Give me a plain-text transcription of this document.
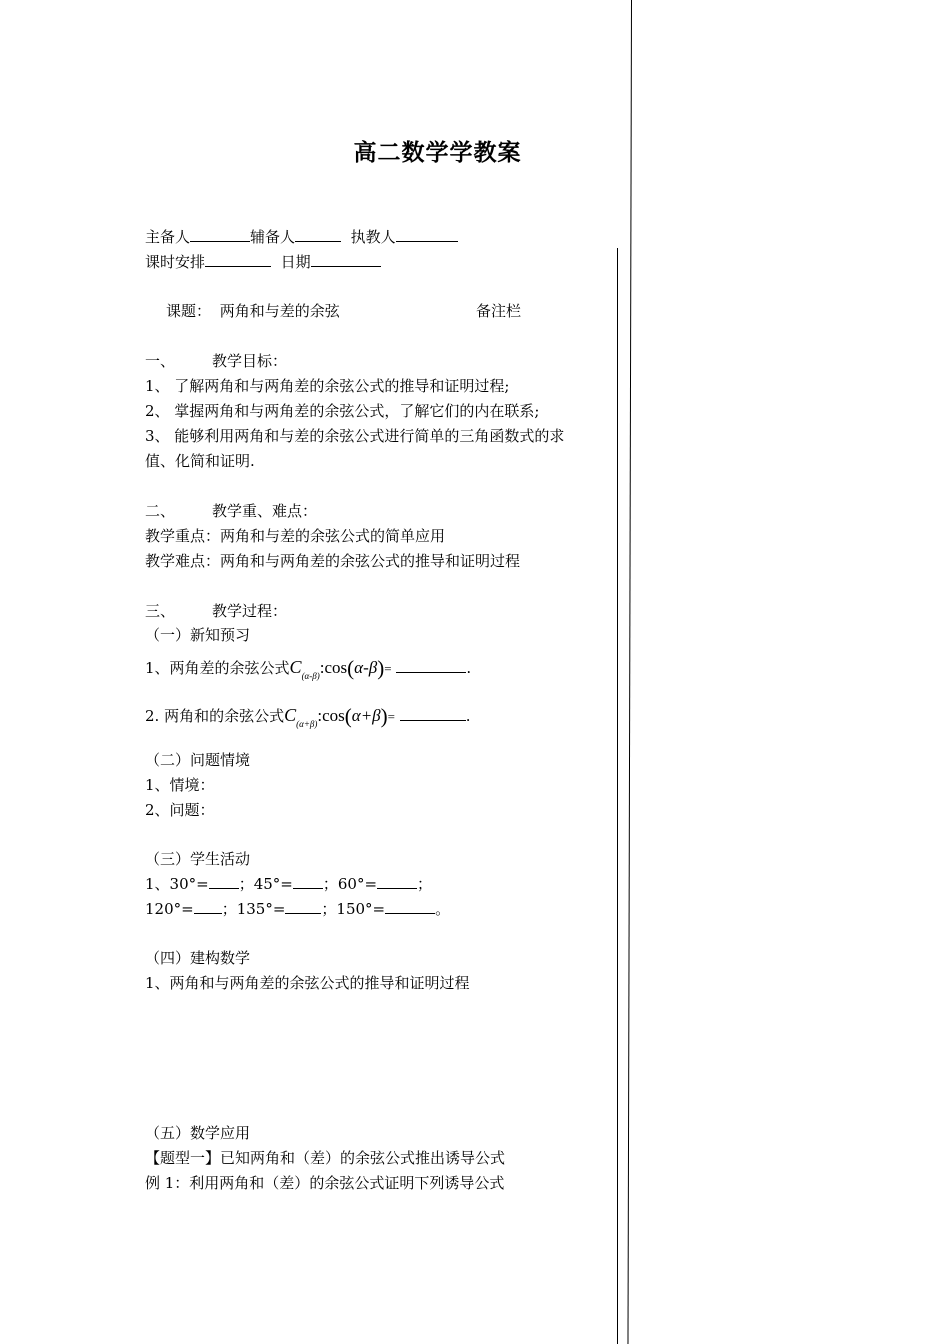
高二数学学教案
主备人	辅备人	执教人
课时安排	日期
课题： 两角和与差的余弦	备注栏
一、 教学目标：
1、 了解两角和与两角差的余弦公式的推导和证明过程;
2、 掌握两角和与两角差的余弦公式，了解它们的内在联系;
3、 能够利用两角和与差的余弦公式进行简单的三角函数式的求
值、化简和证明.
二、 教学重、难点：
教学重点：两角和与差的余弦公式的简单应用
教学难点：两角和与两角差的余弦公式的推导和证明过程
三、 教学过程：
（一）新知预习
1、两角差的余弦公式$C_{(\alpha-\beta)}:\cos(\alpha-\beta)=$	.
2. 两角和的余弦公式$C_{(\alpha+\beta)}:\cos(\alpha+\beta)=$	.
（二）问题情境
1、情境：
2、问题：
（三）学生活动
1、30°= ；45°= ；60°=	；
120°= ；135°= ；150°=	。
（四）建构数学
1、两角和与两角差的余弦公式的推导和证明过程
（五）数学应用
【题型一】已知两角和（差）的余弦公式推出诱导公式
例 1：利用两角和（差）的余弦公式证明下列诱导公式
